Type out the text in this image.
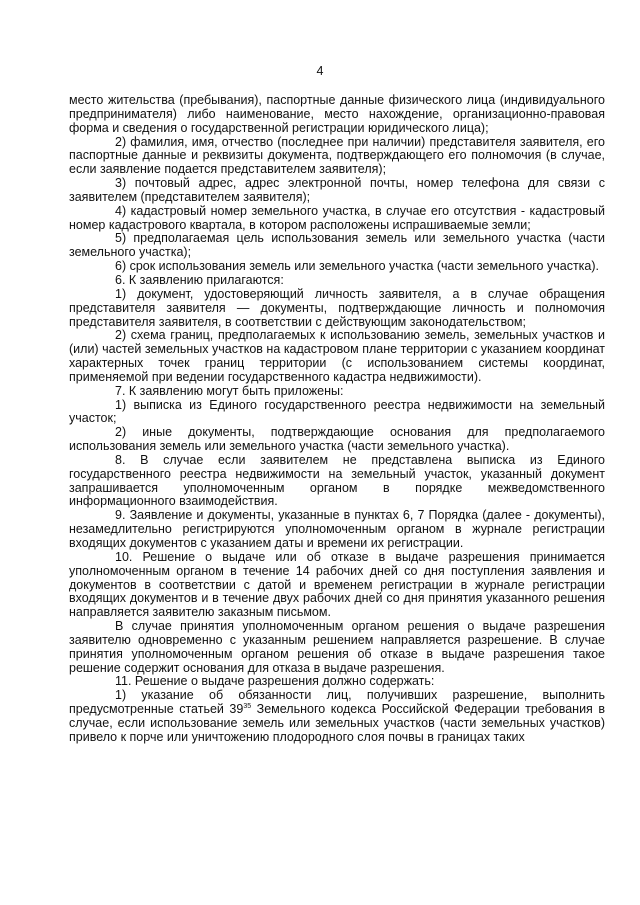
4

место жительства (пребывания), паспортные данные физического лица (индивидуального предпринимателя) либо наименование, место нахождение, организационно-правовая форма и сведения о государственной регистрации юридического лица);

2) фамилия, имя, отчество (последнее при наличии) представителя заявителя, его паспортные данные и реквизиты документа, подтверждающего его полномочия (в случае, если заявление подается представителем заявителя);

3) почтовый адрес, адрес электронной почты, номер телефона для связи с заявителем (представителем заявителя);

4) кадастровый номер земельного участка, в случае его отсутствия - кадастровый номер кадастрового квартала, в котором расположены испрашиваемые земли;

5) предполагаемая цель использования земель или земельного участка (части земельного участка);

6) срок использования земель или земельного участка (части земельного участка).

6. К заявлению прилагаются:

1) документ, удостоверяющий личность заявителя, а в случае обращения представителя заявителя — документы, подтверждающие личность и полномочия представителя заявителя, в соответствии с действующим законодательством;

2) схема границ, предполагаемых к использованию земель, земельных участков и (или) частей земельных участков на кадастровом плане территории с указанием координат характерных точек границ территории (с использованием системы координат, применяемой при ведении государственного кадастра недвижимости).

7. К заявлению могут быть приложены:

1) выписка из Единого государственного реестра недвижимости на земельный участок;

2) иные документы, подтверждающие основания для предполагаемого использования земель или земельного участка (части земельного участка).

8. В случае если заявителем не представлена выписка из Единого государственного реестра недвижимости на земельный участок, указанный документ запрашивается уполномоченным органом в порядке межведомственного информационного взаимодействия.

9. Заявление и документы, указанные в пунктах 6, 7 Порядка (далее - документы), незамедлительно регистрируются уполномоченным органом в журнале регистрации входящих документов с указанием даты и времени их регистрации.

10. Решение о выдаче или об отказе в выдаче разрешения принимается уполномоченным органом в течение 14 рабочих дней со дня поступления заявления и документов в соответствии с датой и временем регистрации в журнале регистрации входящих документов и в течение двух рабочих дней со дня принятия указанного решения направляется заявителю заказным письмом.

В случае принятия уполномоченным органом решения о выдаче разрешения заявителю одновременно с указанным решением направляется разрешение. В случае принятия уполномоченным органом решения об отказе в выдаче разрешения такое решение содержит основания для отказа в выдаче разрешения.

11. Решение о выдаче разрешения должно содержать:

1) указание об обязанности лиц, получивших разрешение, выполнить предусмотренные статьей $39^{35}$ Земельного кодекса Российской Федерации требования в случае, если использование земель или земельных участков (части земельных участков) привело к порче или уничтожению плодородного слоя почвы в границах таких
